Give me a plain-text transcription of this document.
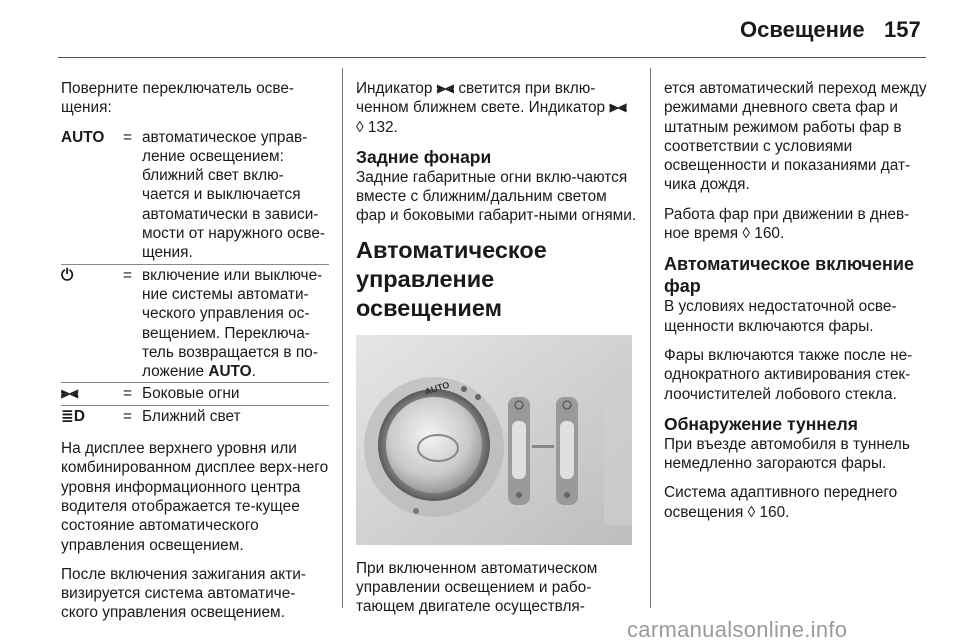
Освещение 157

Поверните переключатель осве-щения:

AUTO	=	автоматическое управ-ление освещением: ближний свет вклю-чается и выключается автоматически в зависи-мости от наружного осве-щения.
⏻	=	включение или выключе-ние системы автомати-ческого управления ос-вещением. Переключа-тель возвращается в по-ложение AUTO.
⫸⫷	=	Боковые огни
≣D	=	Ближний свет

На дисплее верхнего уровня или комбинированном дисплее верх-него уровня информационного центра водителя отображается те-кущее состояние автоматического управления освещением.

После включения зажигания акти-визируется система автоматиче-ского управления освещением.

Индикатор ⫸⫷ светится при вклю-ченном ближнем свете. Индикатор ⫸⫷ ◊ 132.

Задние фонари

Задние габаритные огни вклю-чаются вместе с ближним/дальним светом фар и боковыми габарит-ными огнями.

Автоматическое управление освещением
AUTO

При включенном автоматическом управлении освещением и рабо-тающем двигателе осуществля-

ется автоматический переход между режимами дневного света фар и штатным режимом работы фар в соответствии с условиями освещенности и показаниями дат-чика дождя.

Работа фар при движении в днев-ное время ◊ 160.

Автоматическое включение фар

В условиях недостаточной осве-щенности включаются фары.

Фары включаются также после не-однократного активирования стек-лоочистителей лобового стекла.

Обнаружение туннеля

При въезде автомобиля в туннель немедленно загораются фары.

Система адаптивного переднего освещения ◊ 160.

carmanualsonline.info
